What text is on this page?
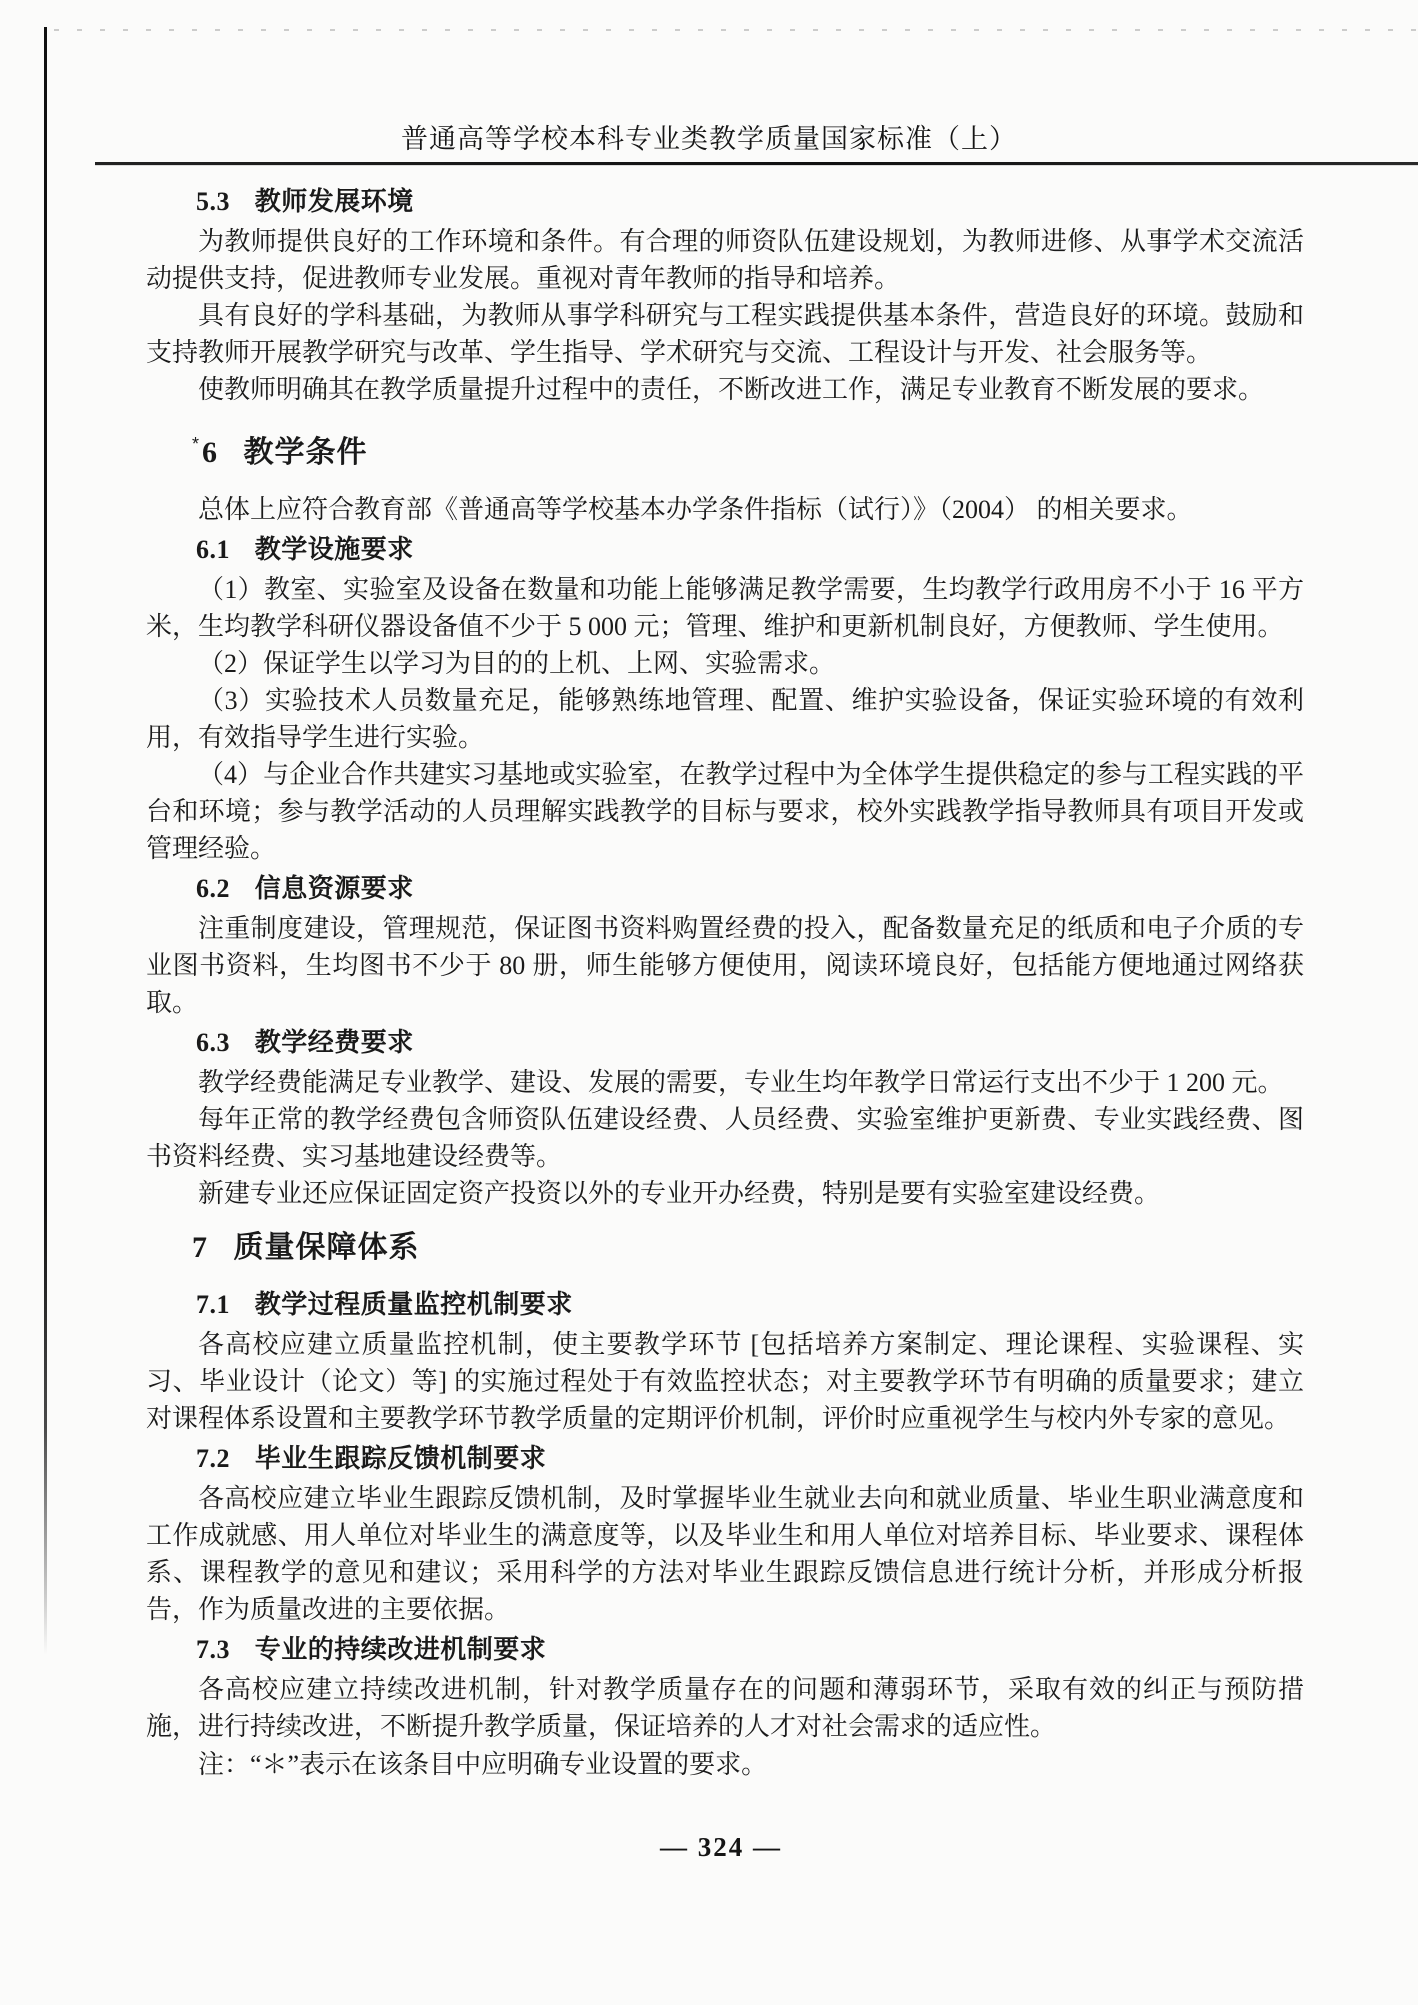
普通高等学校本科专业类教学质量国家标准（上）
5.3 教师发展环境

为教师提供良好的工作环境和条件。有合理的师资队伍建设规划，为教师进修、从事学术交流活动提供支持，促进教师专业发展。重视对青年教师的指导和培养。

具有良好的学科基础，为教师从事学科研究与工程实践提供基本条件，营造良好的环境。鼓励和支持教师开展教学研究与改革、学生指导、学术研究与交流、工程设计与开发、社会服务等。

使教师明确其在教学质量提升过程中的责任，不断改进工作，满足专业教育不断发展的要求。

* 6 教学条件

总体上应符合教育部《普通高等学校基本办学条件指标（试行）》（2004） 的相关要求。

6.1 教学设施要求

（1）教室、实验室及设备在数量和功能上能够满足教学需要，生均教学行政用房不小于 16 平方米，生均教学科研仪器设备值不少于 5 000 元；管理、维护和更新机制良好，方便教师、学生使用。

（2）保证学生以学习为目的的上机、上网、实验需求。

（3）实验技术人员数量充足，能够熟练地管理、配置、维护实验设备，保证实验环境的有效利用，有效指导学生进行实验。

（4）与企业合作共建实习基地或实验室，在教学过程中为全体学生提供稳定的参与工程实践的平台和环境；参与教学活动的人员理解实践教学的目标与要求，校外实践教学指导教师具有项目开发或管理经验。

6.2 信息资源要求

注重制度建设，管理规范，保证图书资料购置经费的投入，配备数量充足的纸质和电子介质的专业图书资料，生均图书不少于 80 册，师生能够方便使用，阅读环境良好，包括能方便地通过网络获取。

6.3 教学经费要求

教学经费能满足专业教学、建设、发展的需要，专业生均年教学日常运行支出不少于 1 200 元。

每年正常的教学经费包含师资队伍建设经费、人员经费、实验室维护更新费、专业实践经费、图书资料经费、实习基地建设经费等。

新建专业还应保证固定资产投资以外的专业开办经费，特别是要有实验室建设经费。

7 质量保障体系
7.1 教学过程质量监控机制要求

各高校应建立质量监控机制，使主要教学环节 [包括培养方案制定、理论课程、实验课程、实习、毕业设计（论文）等] 的实施过程处于有效监控状态；对主要教学环节有明确的质量要求；建立对课程体系设置和主要教学环节教学质量的定期评价机制，评价时应重视学生与校内外专家的意见。

7.2 毕业生跟踪反馈机制要求

各高校应建立毕业生跟踪反馈机制，及时掌握毕业生就业去向和就业质量、毕业生职业满意度和工作成就感、用人单位对毕业生的满意度等，以及毕业生和用人单位对培养目标、毕业要求、课程体系、课程教学的意见和建议；采用科学的方法对毕业生跟踪反馈信息进行统计分析，并形成分析报告，作为质量改进的主要依据。

7.3 专业的持续改进机制要求

各高校应建立持续改进机制，针对教学质量存在的问题和薄弱环节，采取有效的纠正与预防措施，进行持续改进，不断提升教学质量，保证培养的人才对社会需求的适应性。

注：“＊”表示在该条目中应明确专业设置的要求。

— 324 —
